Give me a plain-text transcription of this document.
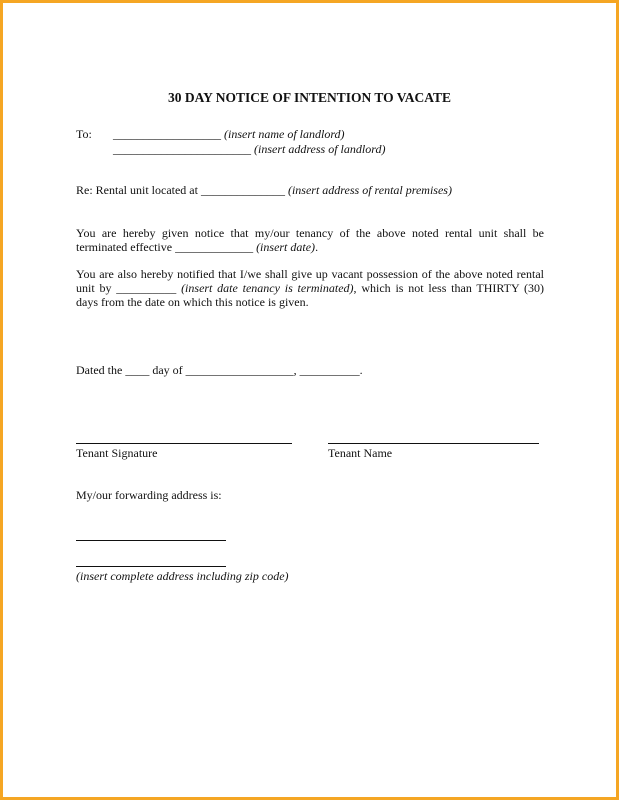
30 DAY NOTICE OF INTENTION TO VACATE
To: __________________ (insert name of landlord)
_______________________ (insert address of landlord)
Re: Rental unit located at ______________ (insert address of rental premises)
You are hereby given notice that my/our tenancy of the above noted rental unit shall be
terminated effective _____________ (insert date).
You are also hereby notified that I/we shall give up vacant possession of the above noted rental
unit by __________ (insert date tenancy is terminated), which is not less than THIRTY (30)
days from the date on which this notice is given.
Dated the ____ day of __________________, __________.
Tenant Signature	Tenant Name
My/our forwarding address is:
(insert complete address including zip code)
